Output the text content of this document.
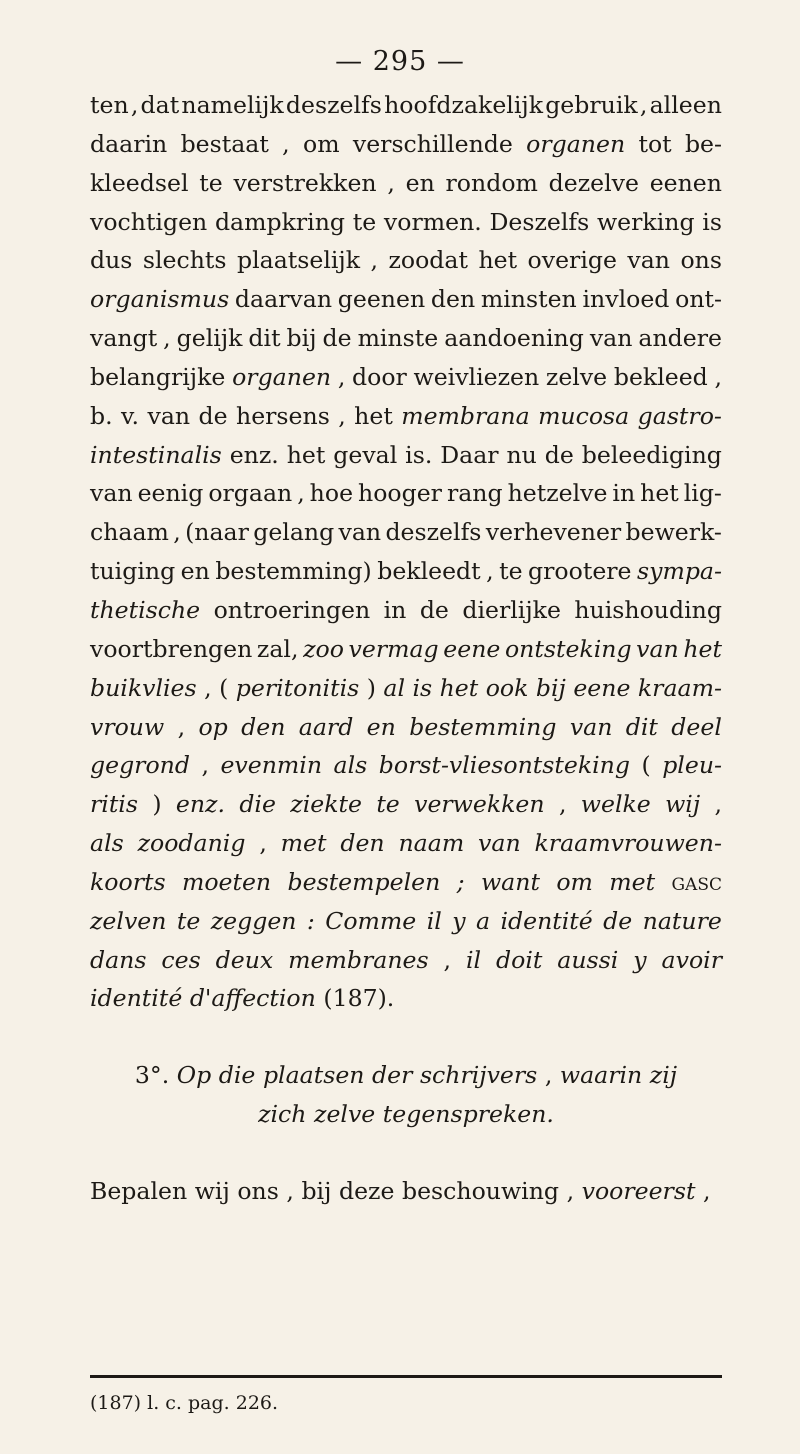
— 295 —
ten , dat namelijk deszelfs hoofdzakelijk gebruik , alleen
daarin bestaat , om verschillende organen tot be-
kleedsel te verstrekken , en rondom dezelve eenen
vochtigen dampkring te vormen. Deszelfs werking is
dus slechts plaatselijk , zoodat het overige van ons
organismus daarvan geenen den minsten invloed ont-
vangt , gelijk dit bij de minste aandoening van andere
belangrijke organen , door weivliezen zelve bekleed ,
b. v. van de hersens , het membrana mucosa gastro-
intestinalis enz. het geval is. Daar nu de beleediging
van eenig orgaan , hoe hooger rang hetzelve in het lig-
chaam , (naar gelang van deszelfs verhevener bewerk-
tuiging en bestemming) bekleedt , te grootere sympa-
thetische ontroeringen in de dierlijke huishouding
voortbrengen zal, zoo vermag eene ontsteking van het
buikvlies , ( peritonitis ) al is het ook bij eene kraam-
vrouw , op den aard en bestemming van dit deel
gegrond , evenmin als borst-vliesontsteking ( pleu-
ritis ) enz. die ziekte te verwekken , welke wij ,
als zoodanig , met den naam van kraamvrouwen-
koorts moeten bestempelen ; want om met gasc
zelven te zeggen : Comme il y a identité de nature
dans ces deux membranes , il doit aussi y avoir
identité d'affection (187).
3°. Op die plaatsen der schrijvers , waarin zij
zich zelve tegenspreken.
Bepalen wij ons , bij deze beschouwing , vooreerst ,
(187) l. c. pag. 226.
